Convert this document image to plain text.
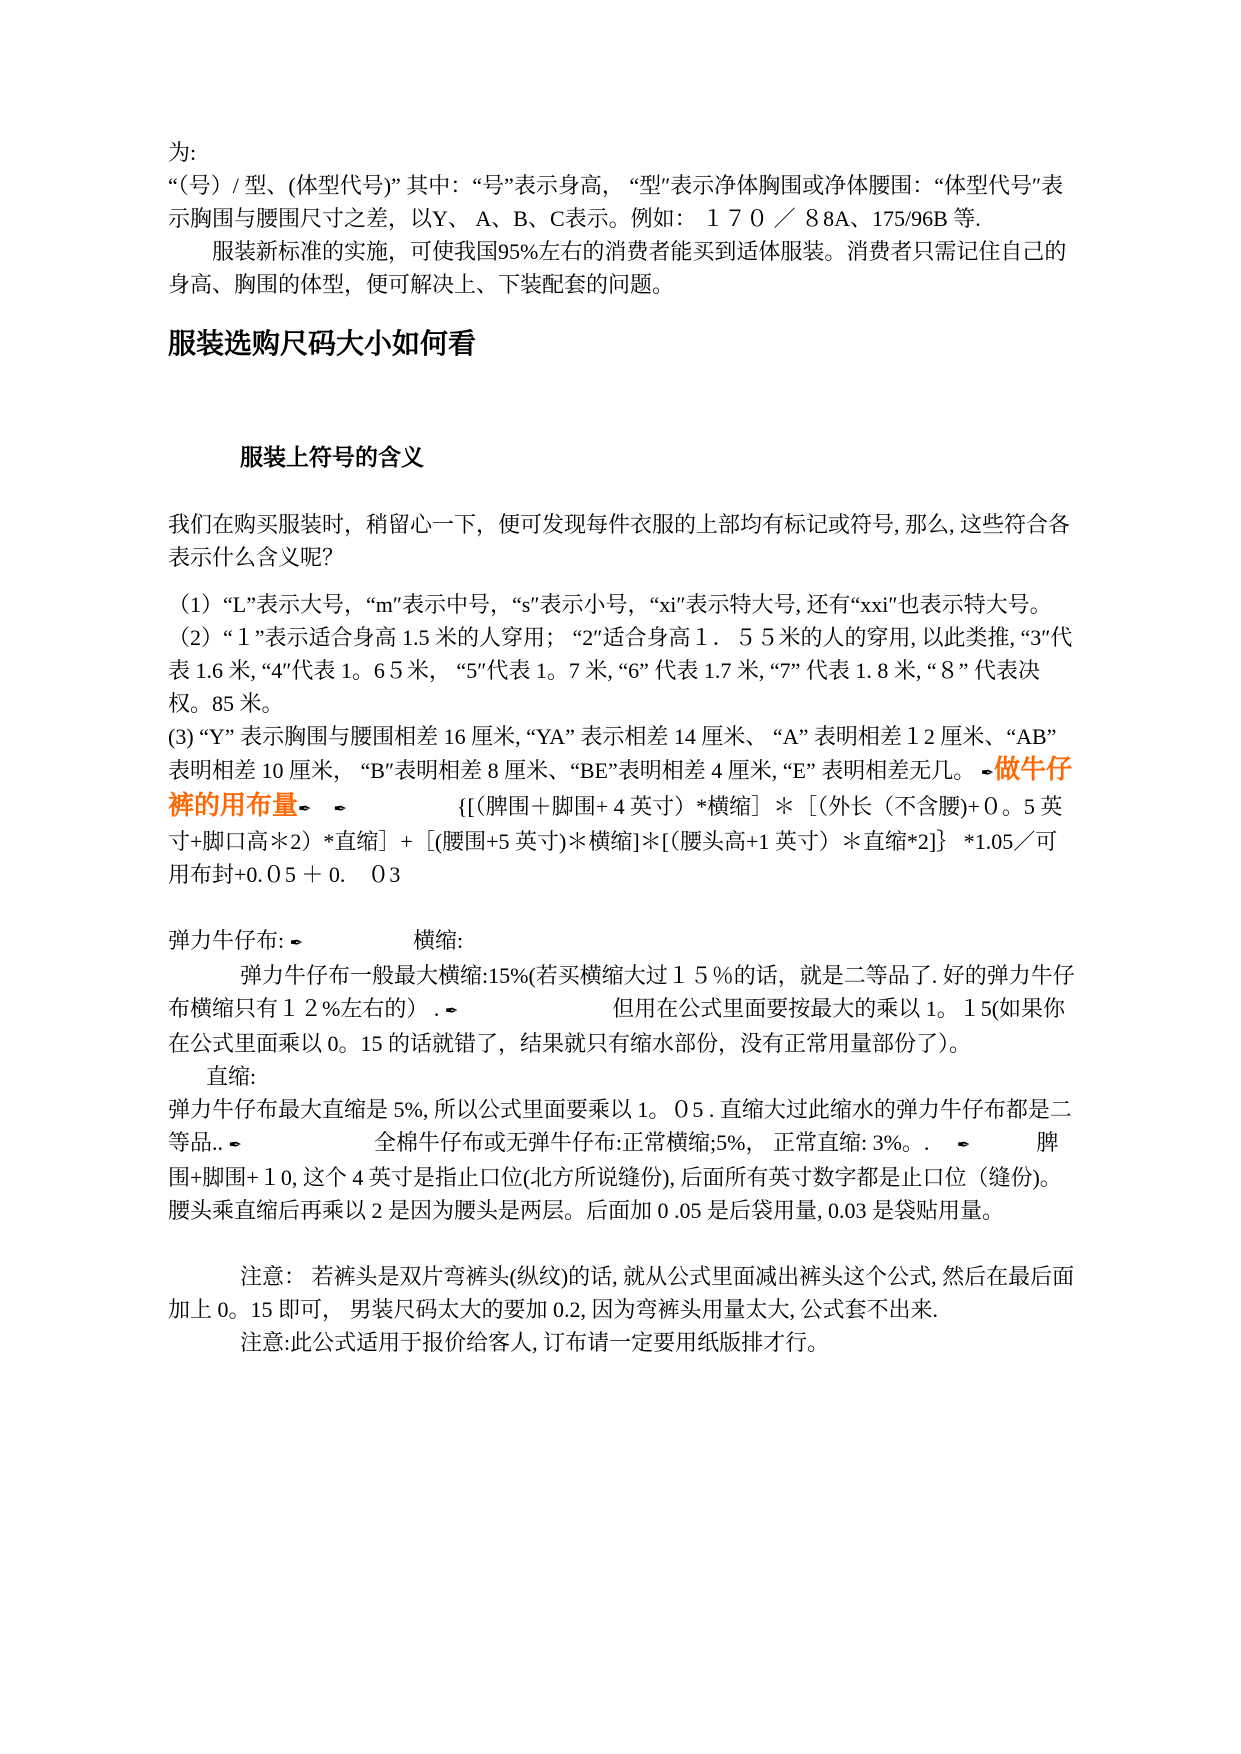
为:
“（号）/ 型、(体型代号)” 其中：“号”表示身高， “型″表示净体胸围或净体腰围：“体型代号″表示胸围与腰围尺寸之差，以Y、 A、B、C表示。例如： １７０ ／ ８8A、175/96B 等.
服装新标准的实施，可使我国95%左右的消费者能买到适体服装。消费者只需记住自己的身高、胸围的体型，便可解决上、下装配套的问题。
服装选购尺码大小如何看
服装上符号的含义
我们在购买服装时，稍留心一下，便可发现每件衣服的上部均有标记或符号, 那么, 这些符合各表示什么含义呢？

（1）“L”表示大号，“m″表示中号，“s″表示小号，“xi″表示特大号, 还有“xxi″也表示特大号。
（2）“１”表示适合身高 1.5 米的人穿用； “2″适合身高１．５５米的人的穿用, 以此类推, “3″代表 1.6 米, “4″代表 1。6５米， “5″代表 1。7 米, “6” 代表 1.7 米, “7” 代表 1. 8 米, “８” 代表决权。85 米。
(3) “Y” 表示胸围与腰围相差 16 厘米, “YA” 表示相差 14 厘米、 “A” 表明相差１2 厘米、“AB” 表明相差 10 厘米， “B″表明相差 8 厘米、“BE”表明相差 4 厘米, “E” 表明相差无几。 ✒做牛仔裤的用布量✒　 ✒　　　　　{[（脾围＋脚围+ 4 英寸）*横缩］＊［（外长（不含腰)+０。5 英寸+脚口高＊2）*直缩］+［(腰围+5 英寸)＊横缩]＊[（腰头高+1 英寸）＊直缩*2]｝ *1.05／可用布封+0.０5 ＋ 0.　０3

弹力牛仔布: ✒　　　　　横缩:
弹力牛仔布一般最大横缩:15%(若买横缩大过１５％的话，就是二等品了. 好的弹力牛仔布横缩只有１２%左右的） . ✒　　　　　　　但用在公式里面要按最大的乘以 1。１5(如果你在公式里面乘以 0。15 的话就错了，结果就只有缩水部份，没有正常用量部份了）。
直缩:
弹力牛仔布最大直缩是 5%, 所以公式里面要乘以 1。０5 . 直缩大过此缩水的弹力牛仔布都是二等品.. ✒　　　　　　全棉牛仔布或无弹牛仔布:正常横缩;5%， 正常直缩: 3%。. 　✒　　　脾围+脚围+１0, 这个 4 英寸是指止口位(北方所说缝份), 后面所有英寸数字都是止口位（缝份)。腰头乘直缩后再乘以 2 是因为腰头是两层。后面加 0 .05 是后袋用量, 0.03 是袋贴用量。

注意： 若裤头是双片弯裤头(纵纹)的话, 就从公式里面减出裤头这个公式, 然后在最后面加上 0。15 即可， 男装尺码太大的要加 0.2, 因为弯裤头用量太大, 公式套不出来.
注意:此公式适用于报价给客人, 订布请一定要用纸版排才行。
